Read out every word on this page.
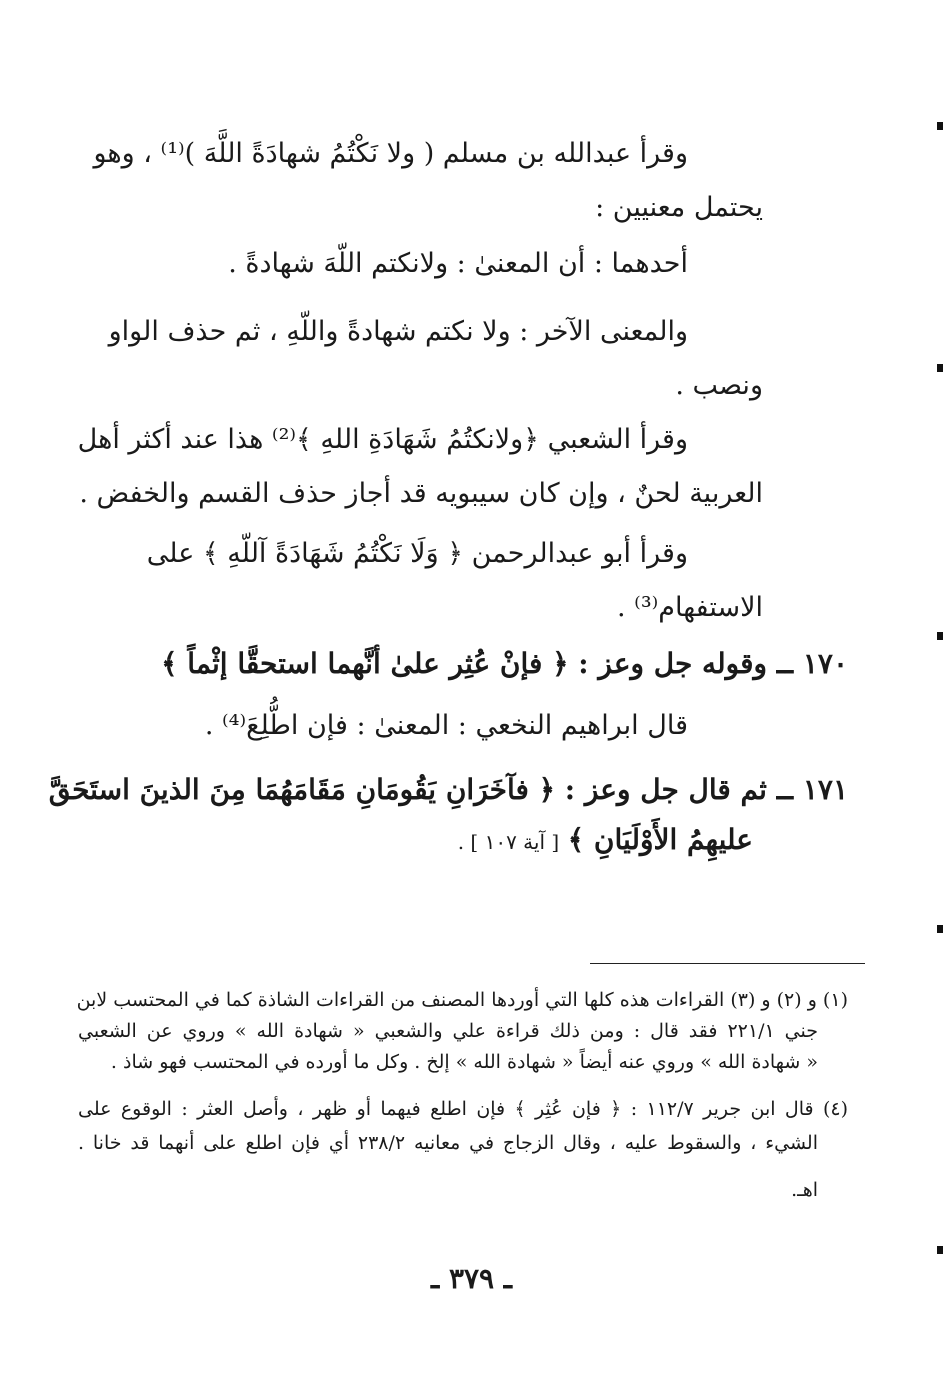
وقرأ عبدالله بن مسلم ( ولا نَكْتُمُ شهادَةً اللَّهَ )⁽¹⁾ ، وهو
يحتمل معنيين :
أحدهما : أن المعنىٰ : ولانكتم اللّهَ شهادةً .
والمعنى الآخر : ولا نكتم شهادةً واللّهِ ، ثم حذف الواو
ونصب .
وقرأ الشعبي ﴿ولانكتُمُ شَهَادَةِ اللهِ ﴾⁽²⁾ هذا عند أكثر أهل
العربية لحنٌ ، وإن كان سيبويه قد أجاز حذف القسم والخفض .
وقرأ أبو عبدالرحمن ﴿ وَلَا نَكْتُمُ شَهَادَةً آللّهِ ﴾ على
الاستفهام⁽³⁾ .
١٧٠ ــ وقوله جل وعز : ﴿ فإنْ عُثِر علىٰ أنَّهما استحقَّا إثْماً ﴾
قال ابراهيم النخعي : المعنىٰ : فإن اطُّلِعَ⁽⁴⁾ .
١٧١ ــ ثم قال جل وعز : ﴿ فآخَرَانِ يَقُومَانِ مَقَامَهُمَا مِنَ الذينَ استَحَقَّ
عليهِمُ الأَوْلَيَانِ ﴾ [ آية ١٠٧ ] .
(١) و (٢) و (٣) القراءات هذه كلها التي أوردها المصنف من القراءات الشاذة كما في المحتسب لابن
جني ٢٢١/١ فقد قال : ومن ذلك قراءة علي والشعبي « شهادة الله » وروي عن الشعبي
« شهادة الله » وروي عنه أيضاً « شهادة الله » إلخ . وكل ما أورده في المحتسب فهو شاذ .
(٤) قال ابن جرير ١١٢/٧ : ﴿ فإن عُثِر ﴾ فإن اطلع فيهما أو ظهر ، وأصل العثر : الوقوع على
الشيء ، والسقوط عليه ، وقال الزجاج في معانيه ٢٣٨/٢ أي فإن اطلع على أنهما قد خانا .
اهـ.
ـ ٣٧٩ ـ
